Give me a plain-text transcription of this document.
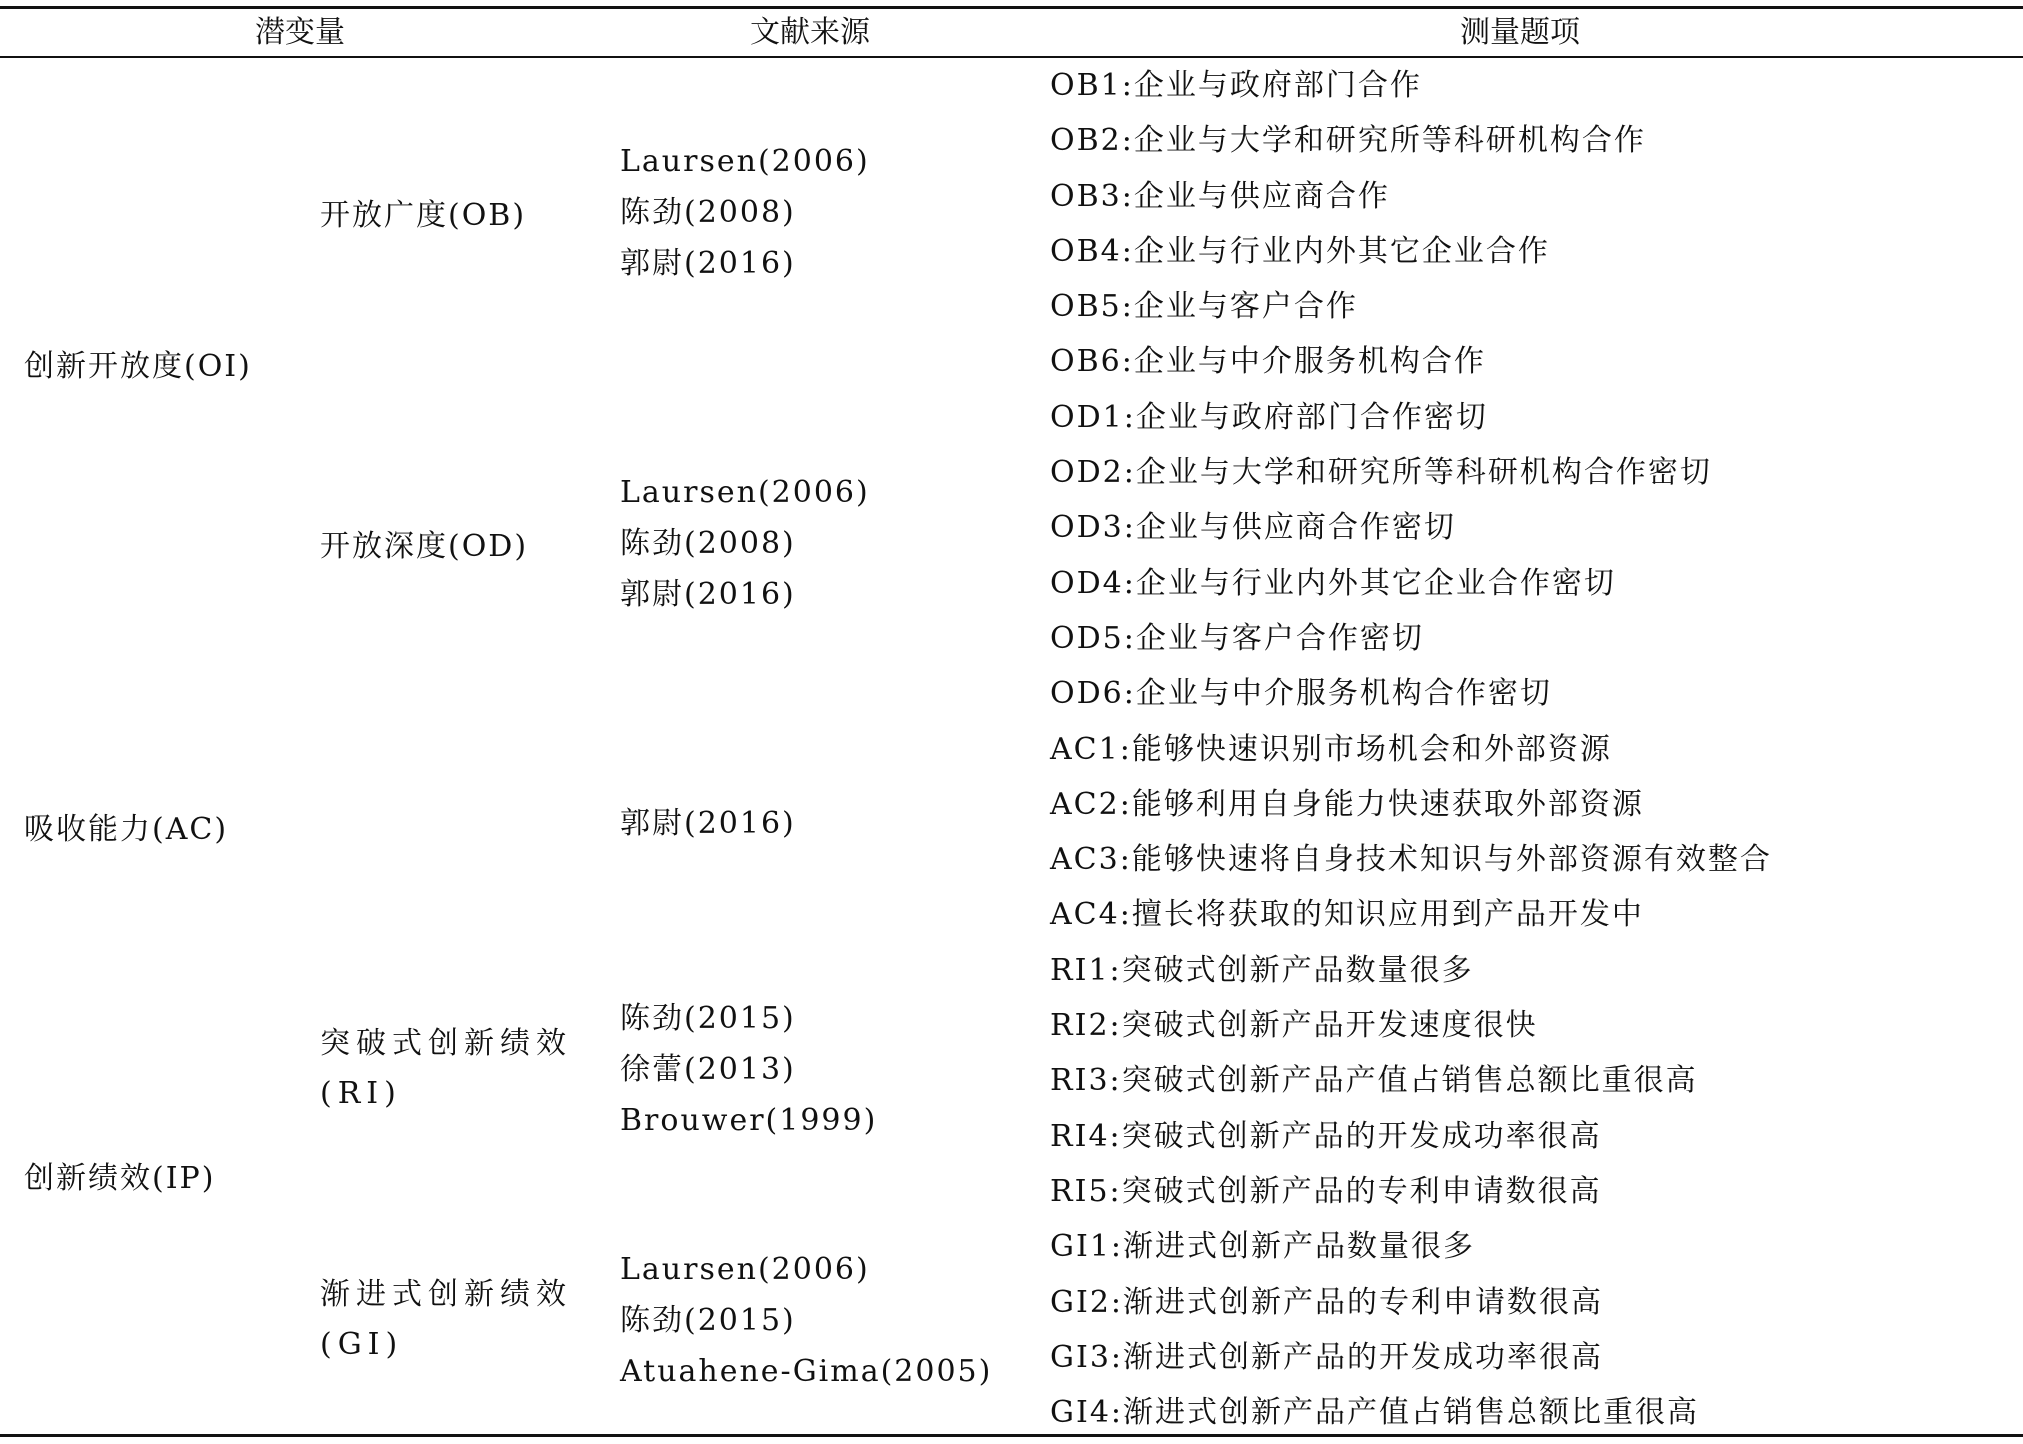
潜变量	文献来源	测量题项
创新开放度(OI)
吸收能力(AC)
创新绩效(IP)
开放广度(OB)
开放深度(OD)
突破式创新绩效
(RI)
渐进式创新绩效
(GI)
Laursen(2006)
陈劲(2008)
郭尉(2016)
Laursen(2006)
陈劲(2008)
郭尉(2016)
郭尉(2016)
陈劲(2015)
徐蕾(2013)
Brouwer(1999)
Laursen(2006)
陈劲(2015)
Atuahene-Gima(2005)
OB1:企业与政府部门合作
OB2:企业与大学和研究所等科研机构合作
OB3:企业与供应商合作
OB4:企业与行业内外其它企业合作
OB5:企业与客户合作
OB6:企业与中介服务机构合作
OD1:企业与政府部门合作密切
OD2:企业与大学和研究所等科研机构合作密切
OD3:企业与供应商合作密切
OD4:企业与行业内外其它企业合作密切
OD5:企业与客户合作密切
OD6:企业与中介服务机构合作密切
AC1:能够快速识别市场机会和外部资源
AC2:能够利用自身能力快速获取外部资源
AC3:能够快速将自身技术知识与外部资源有效整合
AC4:擅长将获取的知识应用到产品开发中
RI1:突破式创新产品数量很多
RI2:突破式创新产品开发速度很快
RI3:突破式创新产品产值占销售总额比重很高
RI4:突破式创新产品的开发成功率很高
RI5:突破式创新产品的专利申请数很高
GI1:渐进式创新产品数量很多
GI2:渐进式创新产品的专利申请数很高
GI3:渐进式创新产品的开发成功率很高
GI4:渐进式创新产品产值占销售总额比重很高
